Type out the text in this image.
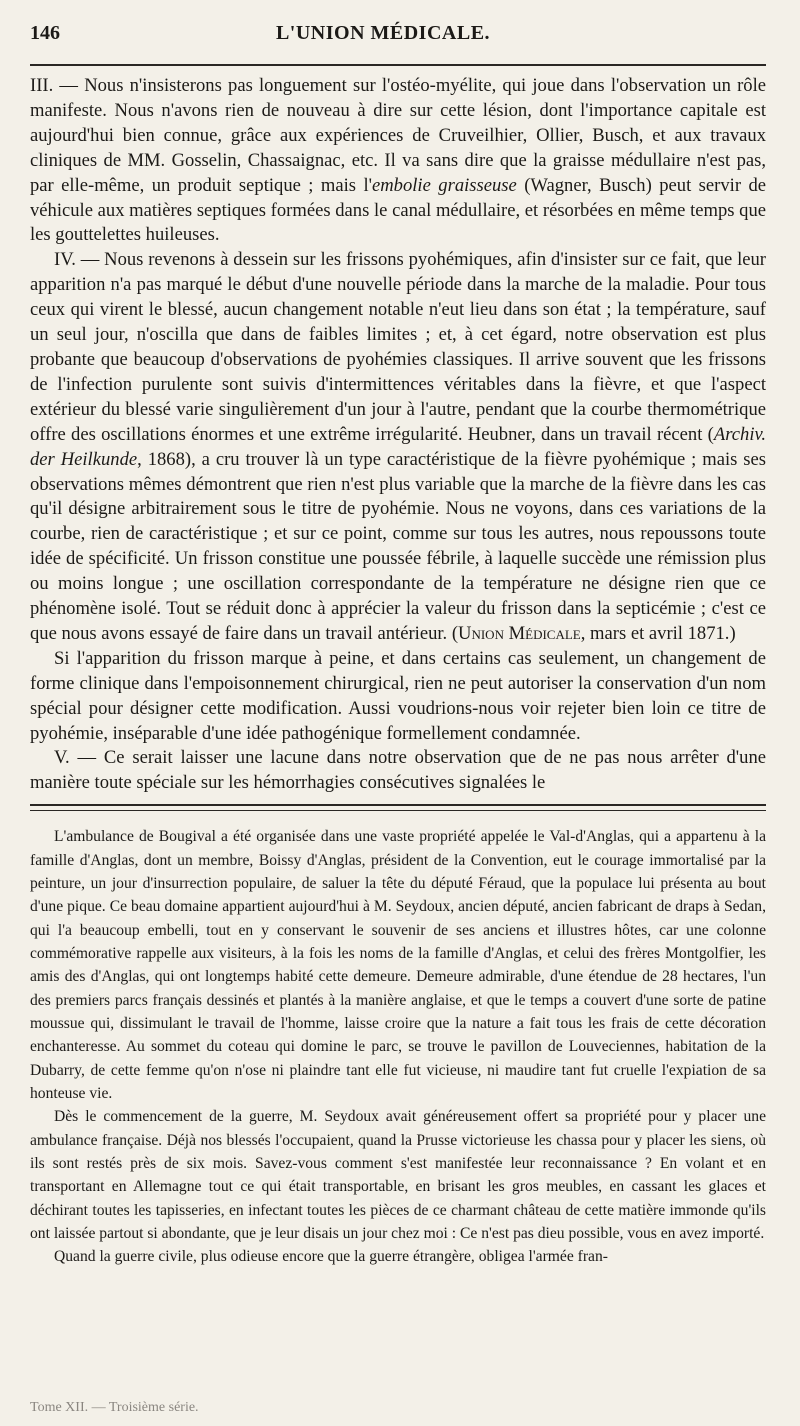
146	L'UNION MÉDICALE.

III. — Nous n'insisterons pas longuement sur l'ostéo-myélite, qui joue dans l'observation un rôle manifeste. Nous n'avons rien de nouveau à dire sur cette lésion, dont l'importance capitale est aujourd'hui bien connue, grâce aux expériences de Cruveilhier, Ollier, Busch, et aux travaux cliniques de MM. Gosselin, Chassaignac, etc. Il va sans dire que la graisse médullaire n'est pas, par elle-même, un produit septique ; mais l'embolie graisseuse (Wagner, Busch) peut servir de véhicule aux matières septiques formées dans le canal médullaire, et résorbées en même temps que les gouttelettes huileuses.

IV. — Nous revenons à dessein sur les frissons pyohémiques, afin d'insister sur ce fait, que leur apparition n'a pas marqué le début d'une nouvelle période dans la marche de la maladie. Pour tous ceux qui virent le blessé, aucun changement notable n'eut lieu dans son état ; la température, sauf un seul jour, n'oscilla que dans de faibles limites ; et, à cet égard, notre observation est plus probante que beaucoup d'observations de pyohémies classiques. Il arrive souvent que les frissons de l'infection purulente sont suivis d'intermittences véritables dans la fièvre, et que l'aspect extérieur du blessé varie singulièrement d'un jour à l'autre, pendant que la courbe thermométrique offre des oscillations énormes et une extrême irrégularité. Heubner, dans un travail récent (Archiv. der Heilkunde, 1868), a cru trouver là un type caractéristique de la fièvre pyohémique ; mais ses observations mêmes démontrent que rien n'est plus variable que la marche de la fièvre dans les cas qu'il désigne arbitrairement sous le titre de pyohémie. Nous ne voyons, dans ces variations de la courbe, rien de caractéristique ; et sur ce point, comme sur tous les autres, nous repoussons toute idée de spécificité. Un frisson constitue une poussée fébrile, à laquelle succède une rémission plus ou moins longue ; une oscillation correspondante de la température ne désigne rien que ce phénomène isolé. Tout se réduit donc à apprécier la valeur du frisson dans la septicémie ; c'est ce que nous avons essayé de faire dans un travail antérieur. (Union Médicale, mars et avril 1871.)

Si l'apparition du frisson marque à peine, et dans certains cas seulement, un changement de forme clinique dans l'empoisonnement chirurgical, rien ne peut autoriser la conservation d'un nom spécial pour désigner cette modification. Aussi voudrions-nous voir rejeter bien loin ce titre de pyohémie, inséparable d'une idée pathogénique formellement condamnée.

V. — Ce serait laisser une lacune dans notre observation que de ne pas nous arrêter d'une manière toute spéciale sur les hémorrhagies consécutives signalées le

L'ambulance de Bougival a été organisée dans une vaste propriété appelée le Val-d'Anglas, qui a appartenu à la famille d'Anglas, dont un membre, Boissy d'Anglas, président de la Convention, eut le courage immortalisé par la peinture, un jour d'insurrection populaire, de saluer la tête du député Féraud, que la populace lui présenta au bout d'une pique. Ce beau domaine appartient aujourd'hui à M. Seydoux, ancien député, ancien fabricant de draps à Sedan, qui l'a beaucoup embelli, tout en y conservant le souvenir de ses anciens et illustres hôtes, car une colonne commémorative rappelle aux visiteurs, à la fois les noms de la famille d'Anglas, et celui des frères Montgolfier, les amis des d'Anglas, qui ont longtemps habité cette demeure. Demeure admirable, d'une étendue de 28 hectares, l'un des premiers parcs français dessinés et plantés à la manière anglaise, et que le temps a couvert d'une sorte de patine moussue qui, dissimulant le travail de l'homme, laisse croire que la nature a fait tous les frais de cette décoration enchanteresse. Au sommet du coteau qui domine le parc, se trouve le pavillon de Louveciennes, habitation de la Dubarry, de cette femme qu'on n'ose ni plaindre tant elle fut vicieuse, ni maudire tant fut cruelle l'expiation de sa honteuse vie.

Dès le commencement de la guerre, M. Seydoux avait généreusement offert sa propriété pour y placer une ambulance française. Déjà nos blessés l'occupaient, quand la Prusse victorieuse les chassa pour y placer les siens, où ils sont restés près de six mois. Savez-vous comment s'est manifestée leur reconnaissance ? En volant et en transportant en Allemagne tout ce qui était transportable, en brisant les gros meubles, en cassant les glaces et déchirant toutes les tapisseries, en infectant toutes les pièces de ce charmant château de cette matière immonde qu'ils ont laissée partout si abondante, que je leur disais un jour chez moi : Ce n'est pas dieu possible, vous en avez importé.

Quand la guerre civile, plus odieuse encore que la guerre étrangère, obligea l'armée fran-

Tome XII. — Troisième série.
